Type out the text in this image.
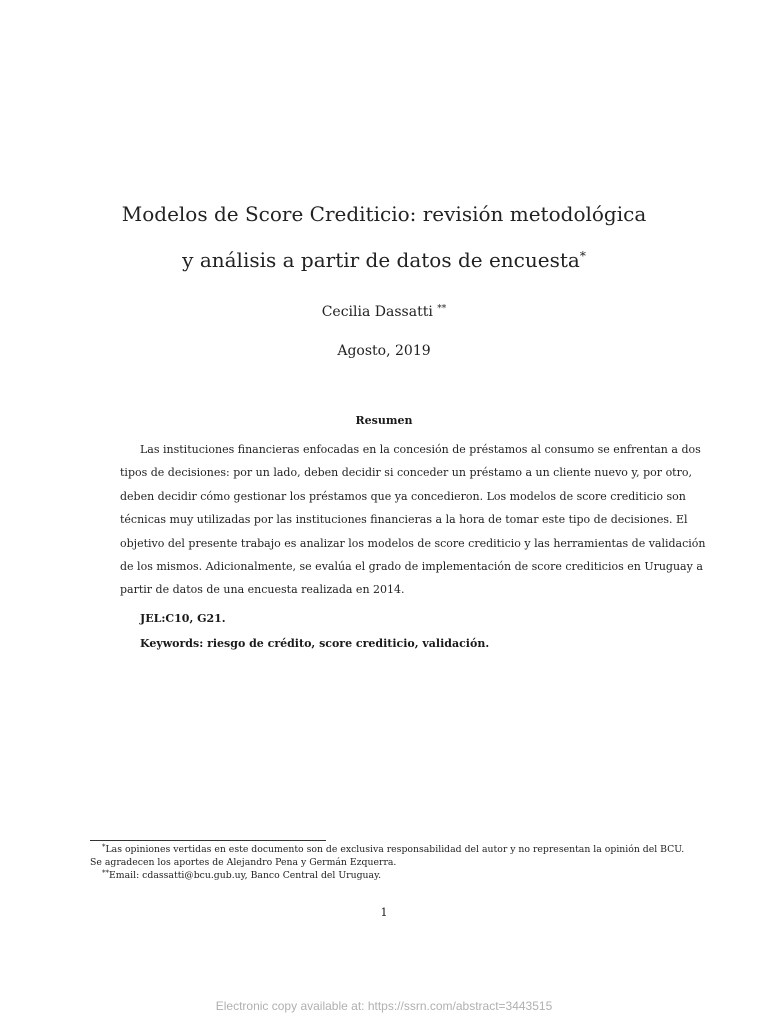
Modelos de Score Crediticio: revisión metodológica
y análisis a partir de datos de encuesta*
Cecilia Dassatti **
Agosto, 2019
Resumen
Las instituciones financieras enfocadas en la concesión de préstamos al consumo se enfrentan a dos
tipos de decisiones: por un lado, deben decidir si conceder un préstamo a un cliente nuevo y, por otro,
deben decidir cómo gestionar los préstamos que ya concedieron. Los modelos de score crediticio son
técnicas muy utilizadas por las instituciones financieras a la hora de tomar este tipo de decisiones. El
objetivo del presente trabajo es analizar los modelos de score crediticio y las herramientas de validación
de los mismos. Adicionalmente, se evalúa el grado de implementación de score crediticios en Uruguay a
partir de datos de una encuesta realizada en 2014.
JEL:C10, G21.
Keywords: riesgo de crédito, score crediticio, validación.
*Las opiniones vertidas en este documento son de exclusiva responsabilidad del autor y no representan la opinión del BCU.
Se agradecen los aportes de Alejandro Pena y Germán Ezquerra.
**Email: cdassatti@bcu.gub.uy, Banco Central del Uruguay.
1
Electronic copy available at: https://ssrn.com/abstract=3443515
